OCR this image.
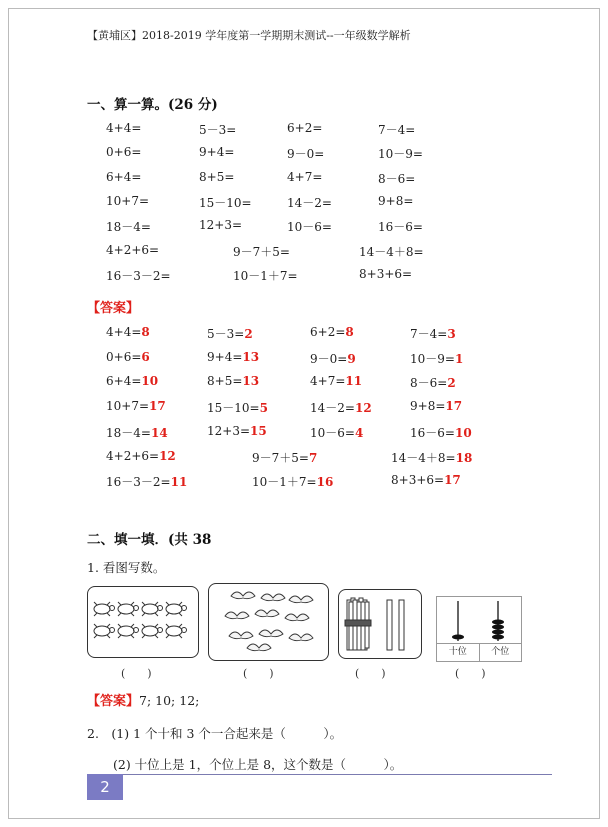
【黄埔区】2018-2019 学年度第一学期期末测试--一年级数学解析
一、算一算。(26 分)
4+4=	5－3=	6+2=	7－4=
0+6=	9+4=	9－0=	10－9=
6+4=	8+5=	4+7=	8－6=
10+7=	15－10=	14－2=	9+8=
18－4=	12+3=	10－6=	16－6=
4+2+6=	9－7＋5=	14－4＋8=
16－3－2=	10－1＋7=	8+3+6=
【答案】
4+4=8	5－3=2	6+2=8	7－4=3
0+6=6	9+4=13	9－0=9	10－9=1
6+4=10	8+5=13	4+7=11	8－6=2
10+7=17	15－10=5	14－2=12	9+8=17
18－4=14	12+3=15	10－6=4	16－6=10
4+2+6=12	9－7＋5=7	14－4＋8=18
16－3－2=11	10－1＋7=16	8+3+6=17
二、填一填．(共 38
1. 看图写数。
十位	个位
(　　)	(　　)	(　　)	(　　)
【答案】7; 10; 12;
2.　(1) 1 个十和 3 个一合起来是（　　　）。
(2) 十位上是 1，个位上是 8，这个数是（　　　）。
2
